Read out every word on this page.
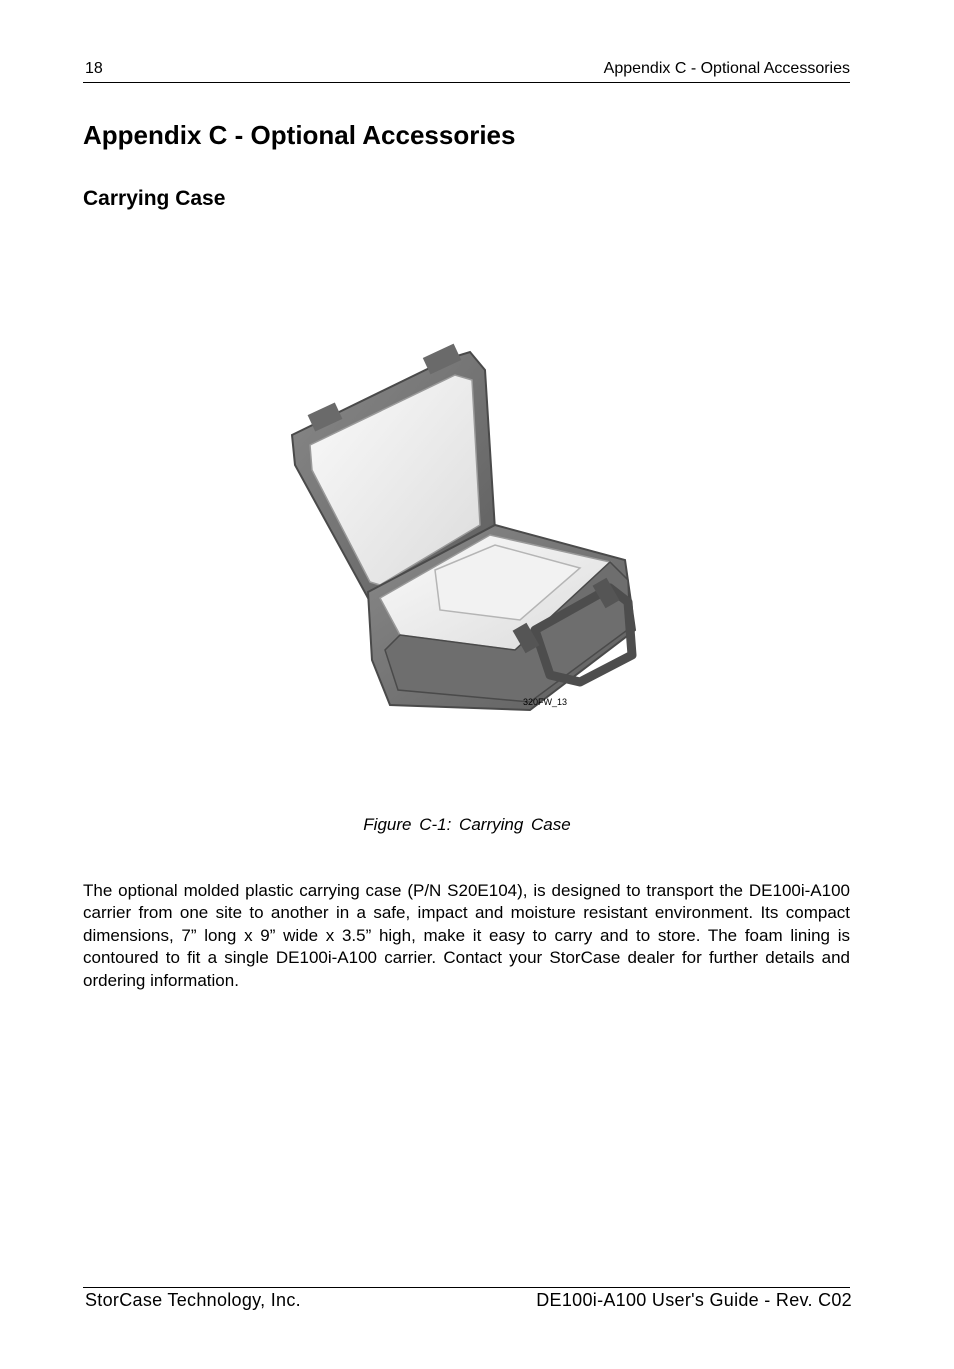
18	Appendix C - Optional Accessories
Appendix C - Optional Accessories
Carrying Case
320FW_13
Figure C-1: Carrying Case

The optional molded plastic carrying case (P/N S20E104), is designed to transport the DE100i-A100 carrier from one site to another in a safe, impact and moisture resistant environment. Its compact dimensions, 7” long x 9” wide x 3.5” high, make it easy to carry and to store. The foam lining is contoured to fit a single DE100i-A100 carrier. Contact your StorCase dealer for further details and ordering information.

StorCase Technology, Inc.	DE100i-A100 User's Guide - Rev. C02
